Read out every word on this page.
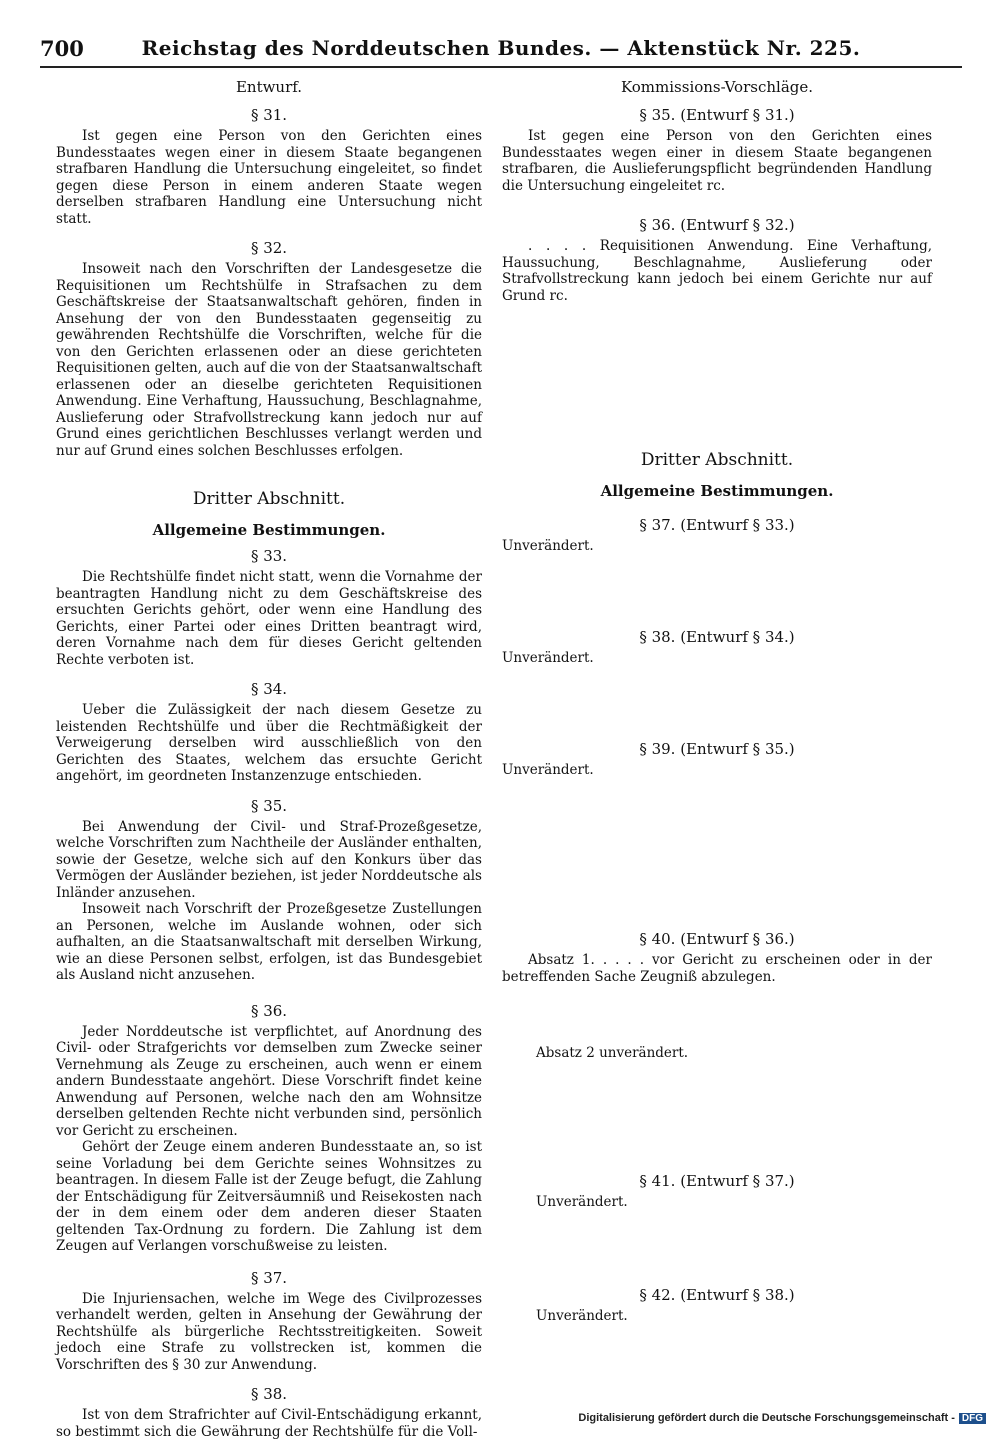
700	Reichstag des Norddeutschen Bundes. — Aktenstück Nr. 225.
Entwurf.
§ 31.

Ist gegen eine Person von den Gerichten eines Bundesstaates wegen einer in diesem Staate begangenen strafbaren Handlung die Untersuchung eingeleitet, so findet gegen diese Person in einem anderen Staate wegen derselben strafbaren Handlung eine Untersuchung nicht statt.

§ 32.

Insoweit nach den Vorschriften der Landesgesetze die Requisitionen um Rechtshülfe in Strafsachen zu dem Geschäftskreise der Staatsanwaltschaft gehören, finden in Ansehung der von den Bundesstaaten gegenseitig zu gewährenden Rechtshülfe die Vorschriften, welche für die von den Gerichten erlassenen oder an diese gerichteten Requisitionen gelten, auch auf die von der Staatsanwaltschaft erlassenen oder an dieselbe gerichteten Requisitionen Anwendung. Eine Verhaftung, Haussuchung, Beschlagnahme, Auslieferung oder Strafvollstreckung kann jedoch nur auf Grund eines gerichtlichen Beschlusses verlangt werden und nur auf Grund eines solchen Beschlusses erfolgen.

Dritter Abschnitt.
Allgemeine Bestimmungen.
§ 33.

Die Rechtshülfe findet nicht statt, wenn die Vornahme der beantragten Handlung nicht zu dem Geschäftskreise des ersuchten Gerichts gehört, oder wenn eine Handlung des Gerichts, einer Partei oder eines Dritten beantragt wird, deren Vornahme nach dem für dieses Gericht geltenden Rechte verboten ist.

§ 34.

Ueber die Zulässigkeit der nach diesem Gesetze zu leistenden Rechtshülfe und über die Rechtmäßigkeit der Verweigerung derselben wird ausschließlich von den Gerichten des Staates, welchem das ersuchte Gericht angehört, im geordneten Instanzenzuge entschieden.

§ 35.

Bei Anwendung der Civil- und Straf-Prozeßgesetze, welche Vorschriften zum Nachtheile der Ausländer enthalten, sowie der Gesetze, welche sich auf den Konkurs über das Vermögen der Ausländer beziehen, ist jeder Norddeutsche als Inländer anzusehen.

Insoweit nach Vorschrift der Prozeßgesetze Zustellungen an Personen, welche im Auslande wohnen, oder sich aufhalten, an die Staatsanwaltschaft mit derselben Wirkung, wie an diese Personen selbst, erfolgen, ist das Bundesgebiet als Ausland nicht anzusehen.

§ 36.

Jeder Norddeutsche ist verpflichtet, auf Anordnung des Civil- oder Strafgerichts vor demselben zum Zwecke seiner Vernehmung als Zeuge zu erscheinen, auch wenn er einem andern Bundesstaate angehört. Diese Vorschrift findet keine Anwendung auf Personen, welche nach den am Wohnsitze derselben geltenden Rechte nicht verbunden sind, persönlich vor Gericht zu erscheinen.

Gehört der Zeuge einem anderen Bundesstaate an, so ist seine Vorladung bei dem Gerichte seines Wohnsitzes zu beantragen. In diesem Falle ist der Zeuge befugt, die Zahlung der Entschädigung für Zeitversäumniß und Reisekosten nach der in dem einem oder dem anderen dieser Staaten geltenden Tax-Ordnung zu fordern. Die Zahlung ist dem Zeugen auf Verlangen vorschußweise zu leisten.

§ 37.

Die Injuriensachen, welche im Wege des Civilprozesses verhandelt werden, gelten in Ansehung der Gewährung der Rechtshülfe als bürgerliche Rechtsstreitigkeiten. Soweit jedoch eine Strafe zu vollstrecken ist, kommen die Vorschriften des § 30 zur Anwendung.

§ 38.

Ist von dem Strafrichter auf Civil-Entschädigung erkannt, so bestimmt sich die Gewährung der Rechtshülfe für die Voll-

Kommissions-Vorschläge.
§ 35. (Entwurf § 31.)

Ist gegen eine Person von den Gerichten eines Bundesstaates wegen einer in diesem Staate begangenen strafbaren, die Auslieferungspflicht begründenden Handlung die Untersuchung eingeleitet rc.

§ 36. (Entwurf § 32.)

. . . . Requisitionen Anwendung. Eine Verhaftung, Haussuchung, Beschlagnahme, Auslieferung oder Strafvollstreckung kann jedoch bei einem Gerichte nur auf Grund rc.

Dritter Abschnitt.
Allgemeine Bestimmungen.
§ 37. (Entwurf § 33.)

Unverändert.

§ 38. (Entwurf § 34.)

Unverändert.

§ 39. (Entwurf § 35.)

Unverändert.

§ 40. (Entwurf § 36.)

Absatz 1. . . . . vor Gericht zu erscheinen oder in der betreffenden Sache Zeugniß abzulegen.

Absatz 2 unverändert.

§ 41. (Entwurf § 37.)

Unverändert.

§ 42. (Entwurf § 38.)

Unverändert.

Digitalisierung gefördert durch die Deutsche Forschungsgemeinschaft - DFG
